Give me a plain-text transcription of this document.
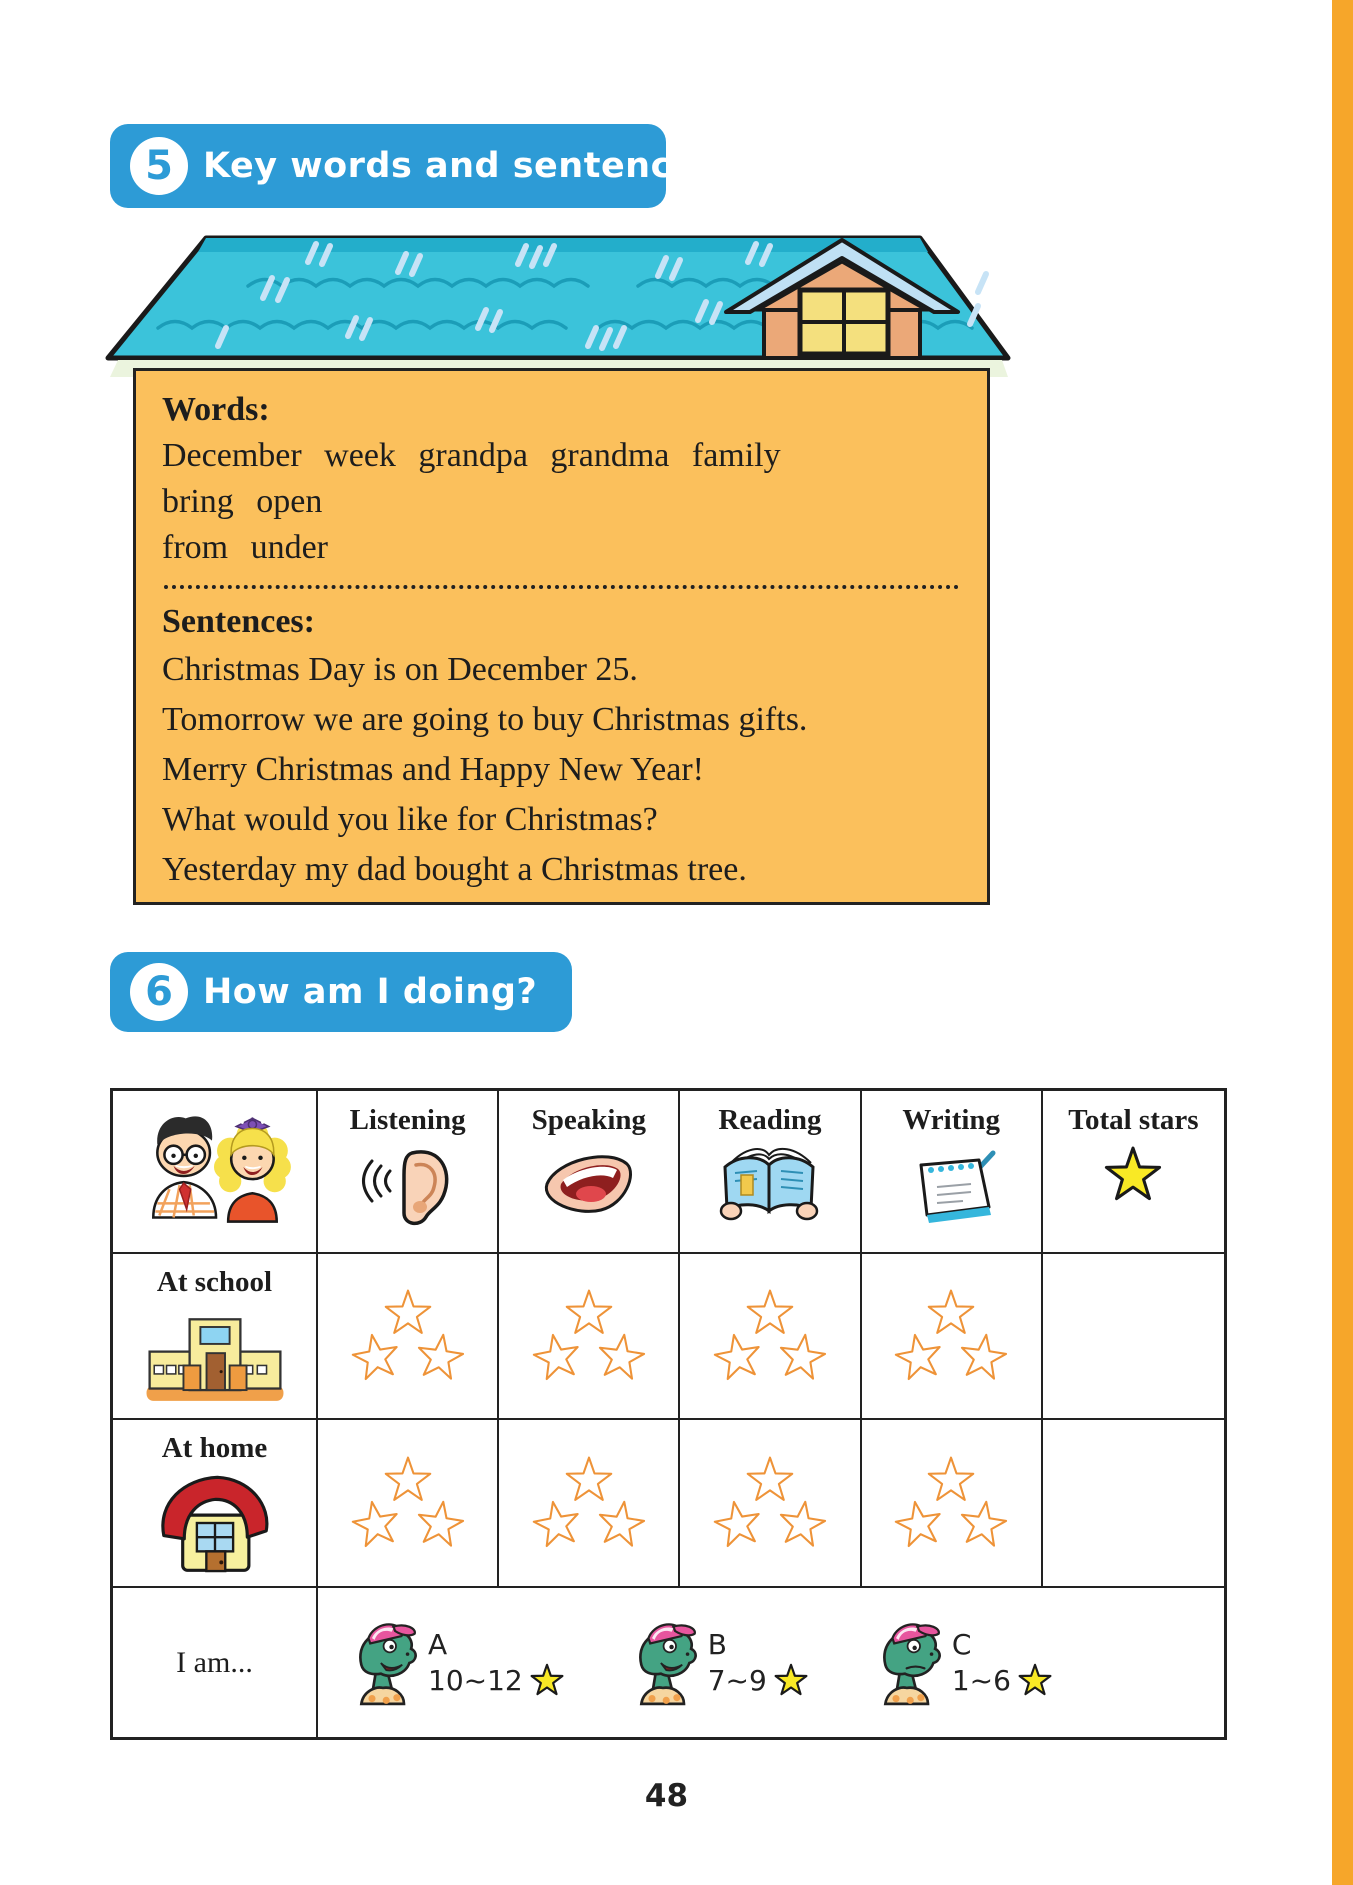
5 Key words and sentences
Words:
December week grandpa grandma family
bring open
from under
Sentences:
Christmas Day is on December 25.
Tomorrow we are going to buy Christmas gifts.
Merry Christmas and Happy New Year!
What would you like for Christmas?
Yesterday my dad bought a Christmas tree.
6 How am I doing?
Listening Speaking Reading	Writing Total stars
At school
At home
I am...
A
10~12
B
7~9
C
1~6
48
